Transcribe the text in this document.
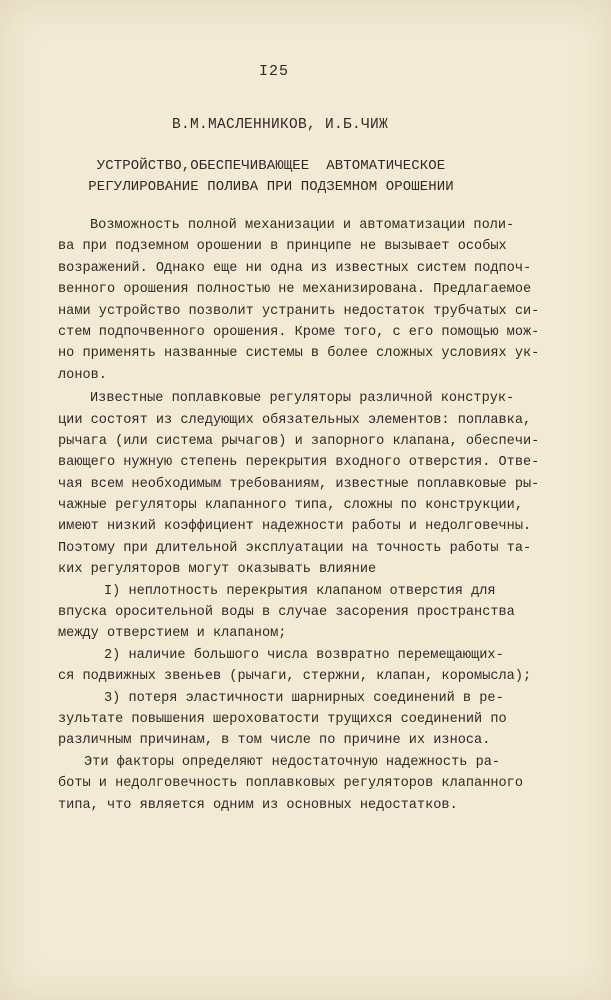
I25
В.М.МАСЛЕННИКОВ, И.Б.ЧИЖ
УСТРОЙСТВО,ОБЕСПЕЧИВАЮЩЕЕ  АВТОМАТИЧЕСКОЕ
РЕГУЛИРОВАНИЕ ПОЛИВА ПРИ ПОДЗЕМНОМ ОРОШЕНИИ
Возможность полной механизации и автоматизации поли-
ва при подземном орошении в принципе не вызывает особых
возражений. Однако еще ни одна из известных систем подпоч-
венного орошения полностью не механизирована. Предлагаемое
нами устройство позволит устранить недостаток трубчатых си-
стем подпочвенного орошения. Кроме того, с его помощью мож-
но применять названные системы в более сложных условиях ук-
лонов.
Известные поплавковые регуляторы различной конструк-
ции состоят из следующих обязательных элементов: поплавка,
рычага (или система рычагов) и запорного клапана, обеспечи-
вающего нужную степень перекрытия входного отверстия. Отве-
чая всем необходимым требованиям, известные поплавковые ры-
чажные регуляторы клапанного типа, сложны по конструкции,
имеют низкий коэффициент надежности работы и недолговечны.
Поэтому при длительной эксплуатации на точность работы та-
ких регуляторов могут оказывать влияние
I) неплотность перекрытия клапаном отверстия для
впуска оросительной воды в случае засорения пространства
между отверстием и клапаном;
2) наличие большого числа возвратно перемещающих-
ся подвижных звеньев (рычаги, стержни, клапан, коромысла);
3) потеря эластичности шарнирных соединений в ре-
зультате повышения шероховатости трущихся соединений по
различным причинам, в том числе по причине их износа.
Эти факторы определяют недостаточную надежность ра-
боты и недолговечность поплавковых регуляторов клапанного
типа, что является одним из основных недостатков.
